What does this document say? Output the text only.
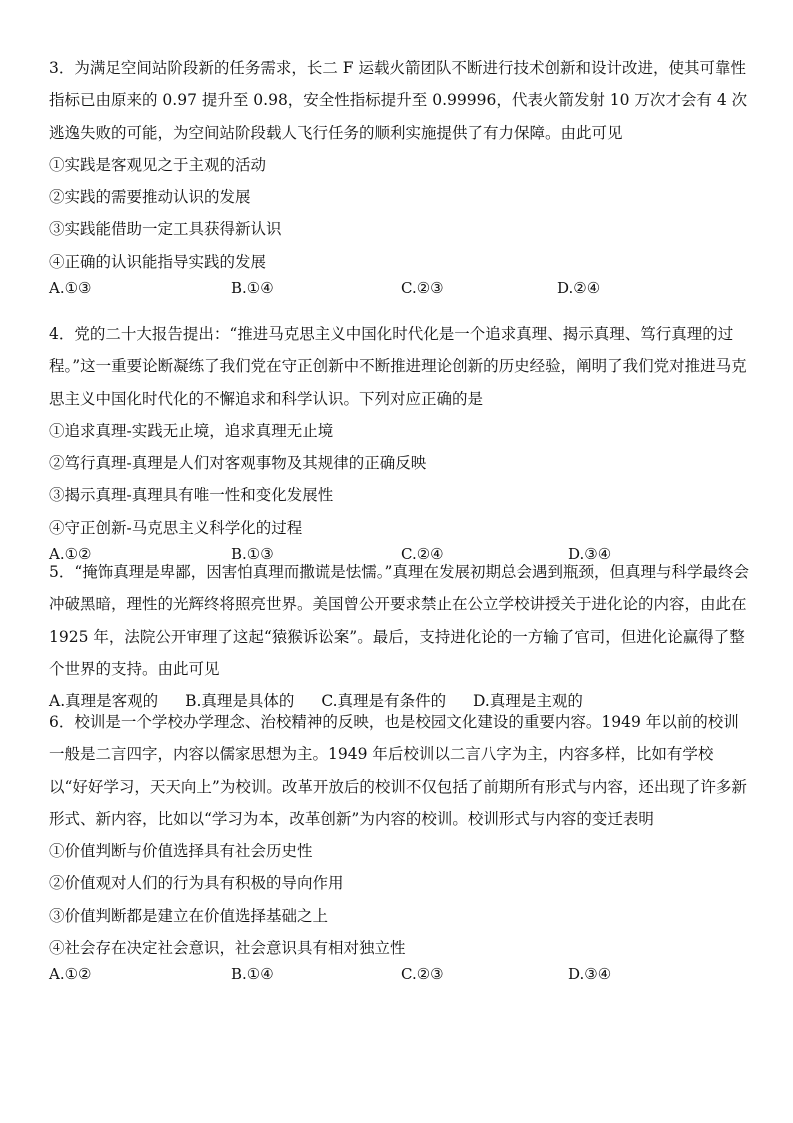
3．为满足空间站阶段新的任务需求，长二 F 运载火箭团队不断进行技术创新和设计改进，使其可靠性指标已由原来的 0.97 提升至 0.98，安全性指标提升至 0.99996，代表火箭发射 10 万次才会有 4 次逃逸失败的可能，为空间站阶段载人飞行任务的顺利实施提供了有力保障。由此可见

①实践是客观见之于主观的活动

②实践的需要推动认识的发展

③实践能借助一定工具获得新认识

④正确的认识能指导实践的发展

A.①③	B.①④	C.②③	D.②④

4．党的二十大报告提出：“推进马克思主义中国化时代化是一个追求真理、揭示真理、笃行真理的过程。”这一重要论断凝练了我们党在守正创新中不断推进理论创新的历史经验，阐明了我们党对推进马克思主义中国化时代化的不懈追求和科学认识。下列对应正确的是

①追求真理-实践无止境，追求真理无止境

②笃行真理-真理是人们对客观事物及其规律的正确反映

③揭示真理-真理具有唯一性和变化发展性

④守正创新-马克思主义科学化的过程

A.①②	B.①③	C.②④	D.③④

5．“掩饰真理是卑鄙，因害怕真理而撒谎是怯懦。”真理在发展初期总会遇到瓶颈，但真理与科学最终会冲破黑暗，理性的光辉终将照亮世界。美国曾公开要求禁止在公立学校讲授关于进化论的内容，由此在 1925 年，法院公开审理了这起“猿猴诉讼案”。最后，支持进化论的一方输了官司，但进化论赢得了整个世界的支持。由此可见

A.真理是客观的 B.真理是具体的 C.真理是有条件的 D.真理是主观的

6．校训是一个学校办学理念、治校精神的反映，也是校园文化建设的重要内容。1949 年以前的校训一般是二言四字，内容以儒家思想为主。1949 年后校训以二言八字为主，内容多样，比如有学校以“好好学习，天天向上”为校训。改革开放后的校训不仅包括了前期所有形式与内容，还出现了许多新形式、新内容，比如以“学习为本，改革创新”为内容的校训。校训形式与内容的变迁表明

①价值判断与价值选择具有社会历史性

②价值观对人们的行为具有积极的导向作用

③价值判断都是建立在价值选择基础之上

④社会存在决定社会意识，社会意识具有相对独立性

A.①②	B.①④	C.②③	D.③④
